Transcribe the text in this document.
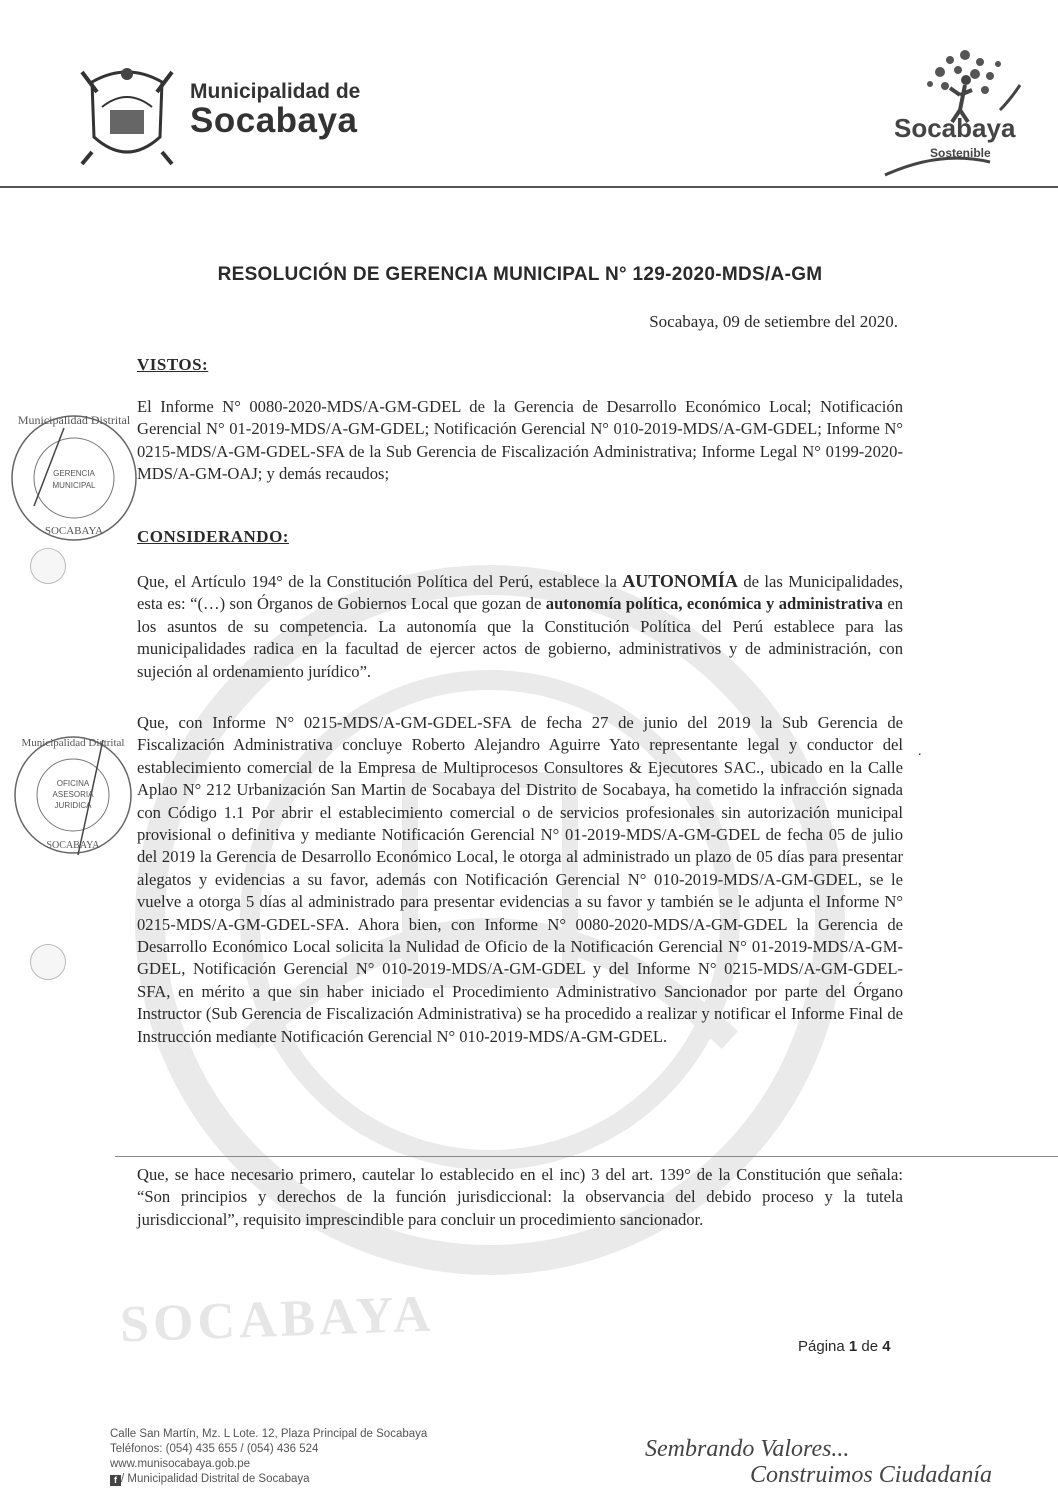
SOCABAYA
Municipalidad de
Socabaya	Socabaya
Sostenible
RESOLUCIÓN DE GERENCIA MUNICIPAL N° 129-2020-MDS/A-GM
Socabaya, 09 de setiembre del 2020.
VISTOS:
El Informe N° 0080-2020-MDS/A-GM-GDEL de la Gerencia de Desarrollo Económico Local; Notificación Gerencial N° 01-2019-MDS/A-GM-GDEL; Notificación Gerencial N° 010-2019-MDS/A-GM-GDEL; Informe N° 0215-MDS/A-GM-GDEL-SFA de la Sub Gerencia de Fiscalización Administrativa; Informe Legal N° 0199-2020-MDS/A-GM-OAJ; y demás recaudos;
CONSIDERANDO:
Que, el Artículo 194° de la Constitución Política del Perú, establece la AUTONOMÍA de las Municipalidades, esta es: “(…) son Órganos de Gobiernos Local que gozan de autonomía política, económica y administrativa en los asuntos de su competencia. La autonomía que la Constitución Política del Perú establece para las municipalidades radica en la facultad de ejercer actos de gobierno, administrativos y de administración, con sujeción al ordenamiento jurídico”.
Que, con Informe N° 0215-MDS/A-GM-GDEL-SFA de fecha 27 de junio del 2019 la Sub Gerencia de Fiscalización Administrativa concluye Roberto Alejandro Aguirre Yato representante legal y conductor del establecimiento comercial de la Empresa de Multiprocesos Consultores & Ejecutores SAC., ubicado en la Calle Aplao N° 212 Urbanización San Martin de Socabaya del Distrito de Socabaya, ha cometido la infracción signada con Código 1.1 Por abrir el establecimiento comercial o de servicios profesionales sin autorización municipal provisional o definitiva y mediante Notificación Gerencial N° 01-2019-MDS/A-GM-GDEL de fecha 05 de julio del 2019 la Gerencia de Desarrollo Económico Local, le otorga al administrado un plazo de 05 días para presentar alegatos y evidencias a su favor, además con Notificación Gerencial N° 010-2019-MDS/A-GM-GDEL, se le vuelve a otorga 5 días al administrado para presentar evidencias a su favor y también se le adjunta el Informe N° 0215-MDS/A-GM-GDEL-SFA. Ahora bien, con Informe N° 0080-2020-MDS/A-GM-GDEL la Gerencia de Desarrollo Económico Local solicita la Nulidad de Oficio de la Notificación Gerencial N° 01-2019-MDS/A-GM-GDEL, Notificación Gerencial N° 010-2019-MDS/A-GM-GDEL y del Informe N° 0215-MDS/A-GM-GDEL-SFA, en mérito a que sin haber iniciado el Procedimiento Administrativo Sancionador por parte del Órgano Instructor (Sub Gerencia de Fiscalización Administrativa) se ha procedido a realizar y notificar el Informe Final de Instrucción mediante Notificación Gerencial N° 010-2019-MDS/A-GM-GDEL.
.
Que, se hace necesario primero, cautelar lo establecido en el inc) 3 del art. 139° de la Constitución que señala: “Son principios y derechos de la función jurisdiccional: la observancia del debido proceso y la tutela jurisdiccional”, requisito imprescindible para concluir un procedimiento sancionador.
Municipalidad Distrital
GERENCIA
MUNICIPAL
SOCABAYA
Municipalidad Distrital
OFICINA
ASESORIA
JURIDICA
SOCABAYA
Página 1 de 4
Calle San Martín, Mz. L Lote. 12, Plaza Principal de Socabaya
Teléfonos: (054) 435 655 / (054) 436 524
www.munisocabaya.gob.pe
f / Municipalidad Distrital de Socabaya
Sembrando Valores...
Construimos Ciudadanía
